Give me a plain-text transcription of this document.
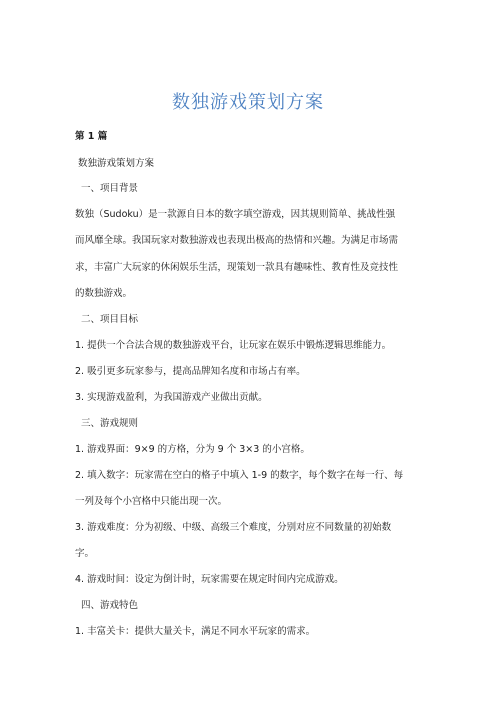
数独游戏策划方案
第 1 篇
数独游戏策划方案
一、项目背景
数独（Sudoku）是一款源自日本的数字填空游戏，因其规则简单、挑战性强
而风靡全球。我国玩家对数独游戏也表现出极高的热情和兴趣。为满足市场需
求，丰富广大玩家的休闲娱乐生活，现策划一款具有趣味性、教育性及竞技性
的数独游戏。
二、项目目标
1. 提供一个合法合规的数独游戏平台，让玩家在娱乐中锻炼逻辑思维能力。
2. 吸引更多玩家参与，提高品牌知名度和市场占有率。
3. 实现游戏盈利，为我国游戏产业做出贡献。
三、游戏规则
1. 游戏界面：9×9 的方格，分为 9 个 3×3 的小宫格。
2. 填入数字：玩家需在空白的格子中填入 1-9 的数字，每个数字在每一行、每
一列及每个小宫格中只能出现一次。
3. 游戏难度：分为初级、中级、高级三个难度，分别对应不同数量的初始数
字。
4. 游戏时间：设定为倒计时，玩家需要在规定时间内完成游戏。
四、游戏特色
1. 丰富关卡：提供大量关卡，满足不同水平玩家的需求。
